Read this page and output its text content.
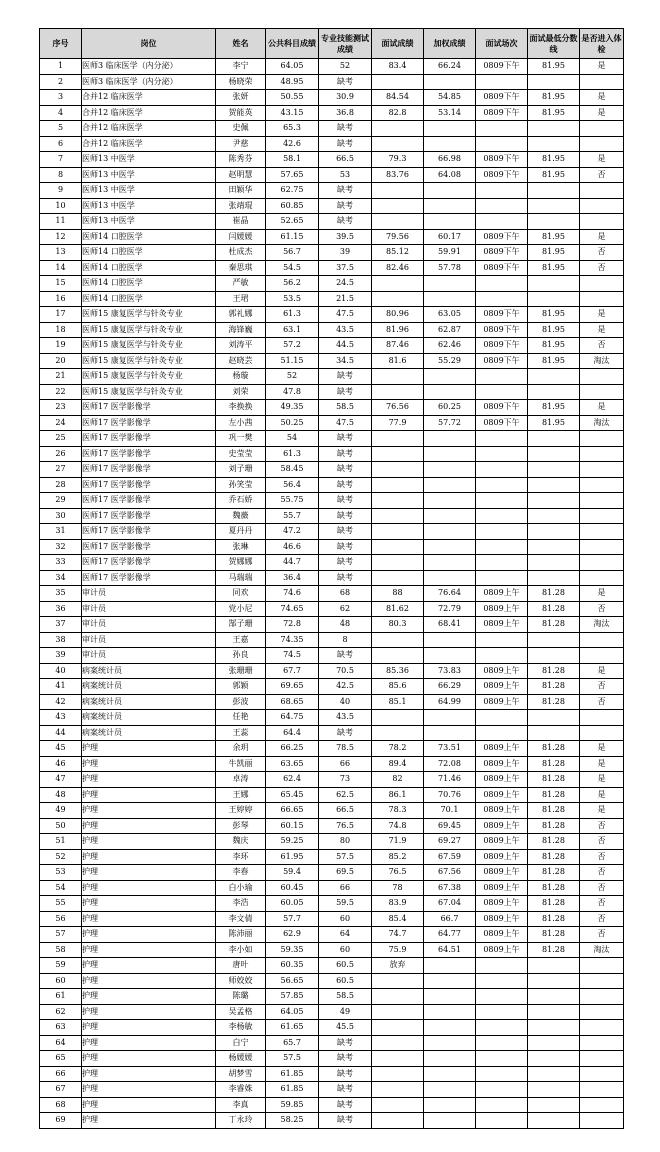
序号	岗位	姓名	公共科目成绩	专业技能测试成绩	面试成绩	加权成绩	面试场次	面试最低分数线	是否进入体检
1	医师3 临床医学（内分泌）	李宁	64.05	52	83.4	66.24	0809下午	81.95	是
2	医师3 临床医学（内分泌）	杨晓荣	48.95	缺考					
3	合并12 临床医学	张妍	50.55	30.9	84.54	54.85	0809下午	81.95	是
4	合并12 临床医学	贺能英	43.15	36.8	82.8	53.14	0809下午	81.95	是
5	合并12 临床医学	史佩	65.3	缺考					
6	合并12 临床医学	尹慈	42.6	缺考					
7	医师13 中医学	陈秀芬	58.1	66.5	79.3	66.98	0809下午	81.95	是
8	医师13 中医学	赵明慧	57.65	53	83.76	64.08	0809下午	81.95	否
9	医师13 中医学	田颖华	62.75	缺考					
10	医师13 中医学	张靖琨	60.85	缺考					
11	医师13 中医学	崔晶	52.65	缺考					
12	医师14 口腔医学	闫媛媛	61.15	39.5	79.56	60.17	0809下午	81.95	是
13	医师14 口腔医学	杜成杰	56.7	39	85.12	59.91	0809下午	81.95	否
14	医师14 口腔医学	秦思琪	54.5	37.5	82.46	57.78	0809下午	81.95	否
15	医师14 口腔医学	严敏	56.2	24.5					
16	医师14 口腔医学	王珺	53.5	21.5					
17	医师15 康复医学与针灸专业	郭礼娜	61.3	47.5	80.96	63.05	0809下午	81.95	是
18	医师15 康复医学与针灸专业	海锋巍	63.1	43.5	81.96	62.87	0809下午	81.95	是
19	医师15 康复医学与针灸专业	刘涛平	57.2	44.5	87.46	62.46	0809下午	81.95	否
20	医师15 康复医学与针灸专业	赵晓芸	51.15	34.5	81.6	55.29	0809下午	81.95	淘汰
21	医师15 康复医学与针灸专业	杨璇	52	缺考					
22	医师15 康复医学与针灸专业	刘荣	47.8	缺考					
23	医师17 医学影像学	李换换	49.35	58.5	76.56	60.25	0809下午	81.95	是
24	医师17 医学影像学	左小茜	50.25	47.5	77.9	57.72	0809下午	81.95	淘汰
25	医师17 医学影像学	巩一樊	54	缺考					
26	医师17 医学影像学	史莹莹	61.3	缺考					
27	医师17 医学影像学	刘子珊	58.45	缺考					
28	医师17 医学影像学	孙笑莹	56.4	缺考					
29	医师17 医学影像学	乔石娇	55.75	缺考					
30	医师17 医学影像学	魏薇	55.7	缺考					
31	医师17 医学影像学	夏丹丹	47.2	缺考					
32	医师17 医学影像学	张琳	46.6	缺考					
33	医师17 医学影像学	贺娜娜	44.7	缺考					
34	医师17 医学影像学	马瑞瑞	36.4	缺考					
35	审计员	同欢	74.6	68	88	76.64	0809上午	81.28	是
36	审计员	党小尼	74.65	62	81.62	72.79	0809上午	81.28	否
37	审计员	郜子珊	72.8	48	80.3	68.41	0809上午	81.28	淘汰
38	审计员	王嘉	74.35	8					
39	审计员	孙良	74.5	缺考					
40	病案统计员	张珊珊	67.7	70.5	85.36	73.83	0809上午	81.28	是
41	病案统计员	郭颖	69.65	42.5	85.6	66.29	0809上午	81.28	否
42	病案统计员	彭波	68.65	40	85.1	64.99	0809上午	81.28	否
43	病案统计员	任艳	64.75	43.5					
44	病案统计员	王蕊	64.4	缺考					
45	护理	余玥	66.25	78.5	78.2	73.51	0809上午	81.28	是
46	护理	牛凯丽	63.65	66	89.4	72.08	0809上午	81.28	是
47	护理	卓涛	62.4	73	82	71.46	0809上午	81.28	是
48	护理	王娜	65.45	62.5	86.1	70.76	0809上午	81.28	是
49	护理	王婷婷	66.65	66.5	78.3	70.1	0809上午	81.28	是
50	护理	彭琴	60.15	76.5	74.8	69.45	0809上午	81.28	否
51	护理	魏庆	59.25	80	71.9	69.27	0809上午	81.28	否
52	护理	李环	61.95	57.5	85.2	67.59	0809上午	81.28	否
53	护理	李春	59.4	69.5	76.5	67.56	0809上午	81.28	否
54	护理	白小瑜	60.45	66	78	67.38	0809上午	81.28	否
55	护理	李浩	60.05	59.5	83.9	67.04	0809上午	81.28	否
56	护理	李文倩	57.7	60	85.4	66.7	0809上午	81.28	否
57	护理	陈沛丽	62.9	64	74.7	64.77	0809上午	81.28	否
58	护理	李小如	59.35	60	75.9	64.51	0809上午	81.28	淘汰
59	护理	唐叶	60.35	60.5	放弃				
60	护理	师姣姣	56.65	60.5					
61	护理	陈璐	57.85	58.5					
62	护理	吴孟格	64.05	49					
63	护理	李杨敏	61.65	45.5					
64	护理	白宁	65.7	缺考					
65	护理	杨媛媛	57.5	缺考					
66	护理	胡梦雪	61.85	缺考					
67	护理	李睿姝	61.85	缺考					
68	护理	李真	59.85	缺考					
69	护理	丁永玲	58.25	缺考					
